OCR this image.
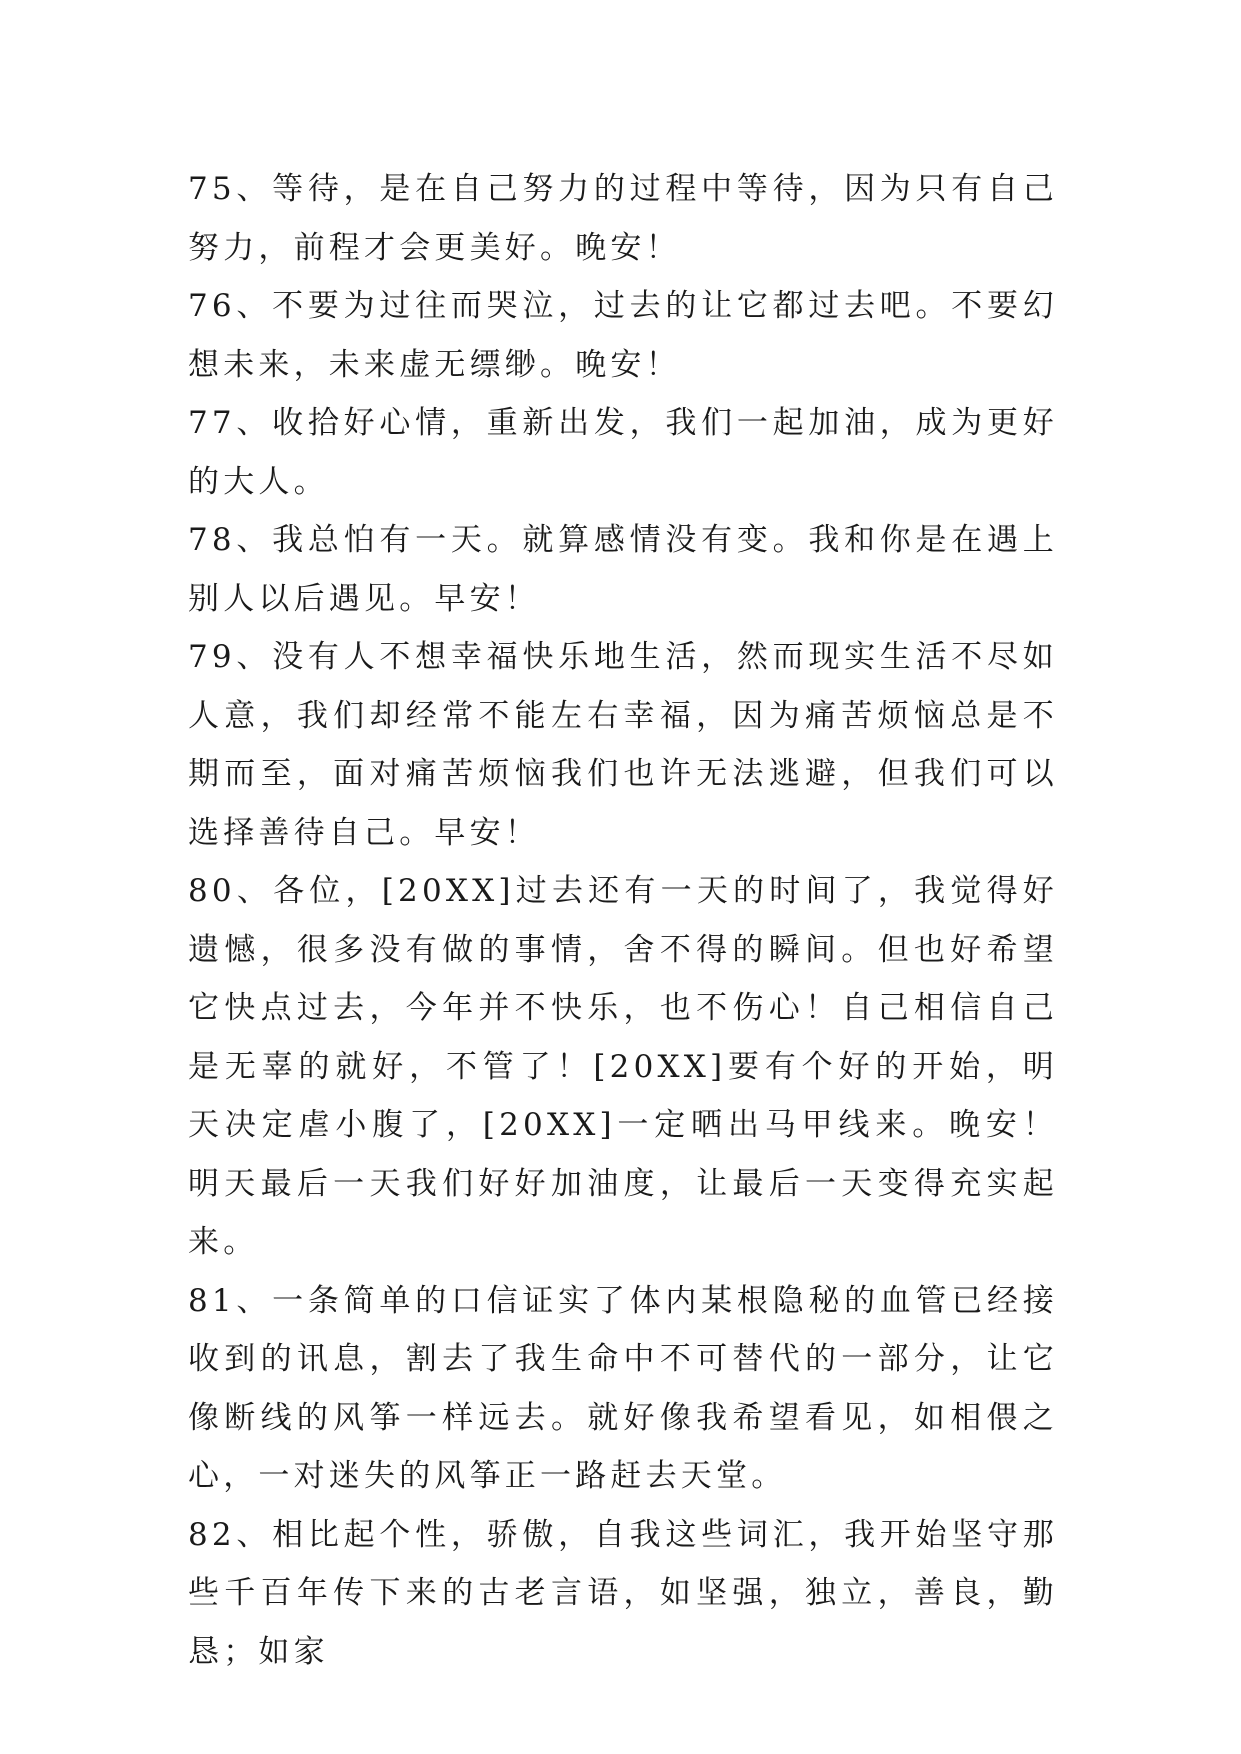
75、等待，是在自己努力的过程中等待，因为只有自己努力，前程才会更美好。晚安！

76、不要为过往而哭泣，过去的让它都过去吧。不要幻想未来，未来虚无缥缈。晚安！

77、收拾好心情，重新出发，我们一起加油，成为更好的大人。

78、我总怕有一天。就算感情没有变。我和你是在遇上别人以后遇见。早安！

79、没有人不想幸福快乐地生活，然而现实生活不尽如人意，我们却经常不能左右幸福，因为痛苦烦恼总是不期而至，面对痛苦烦恼我们也许无法逃避，但我们可以选择善待自己。早安！

80、各位，[20XX]过去还有一天的时间了，我觉得好遗憾，很多没有做的事情，舍不得的瞬间。但也好希望它快点过去，今年并不快乐，也不伤心！自己相信自己是无辜的就好，不管了！[20XX]要有个好的开始，明天决定虐小腹了，[20XX]一定晒出马甲线来。晚安！明天最后一天我们好好加油度，让最后一天变得充实起来。

81、一条简单的口信证实了体内某根隐秘的血管已经接收到的讯息，割去了我生命中不可替代的一部分，让它像断线的风筝一样远去。就好像我希望看见，如相偎之心，一对迷失的风筝正一路赶去天堂。

82、相比起个性，骄傲，自我这些词汇，我开始坚守那些千百年传下来的古老言语，如坚强，独立，善良，勤恳；如家
